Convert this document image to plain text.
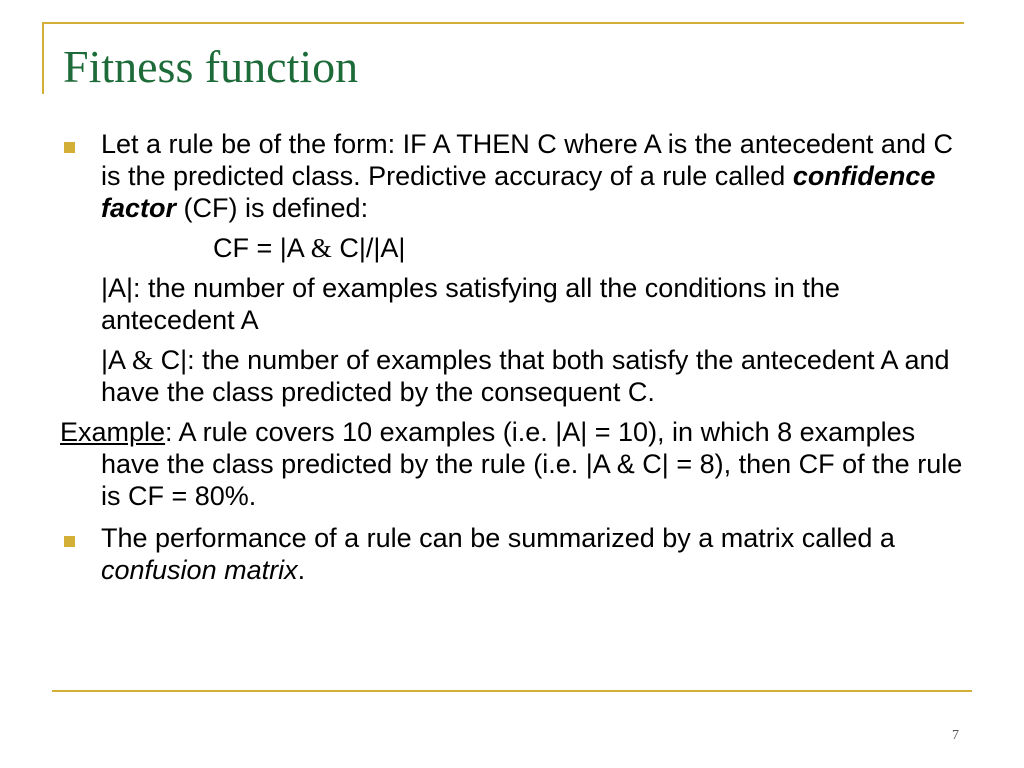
Fitness function

Let a rule be of the form: IF A THEN C where A is the antecedent and C is the predicted class. Predictive accuracy of a rule called confidence factor (CF) is defined:

CF = |A & C|/|A|

|A|: the number of examples satisfying all the conditions in the antecedent A

|A & C|: the number of examples that both satisfy the antecedent A and have the class predicted by the consequent C.

Example: A rule covers 10 examples (i.e. |A| = 10), in which 8 examples have the class predicted by the rule (i.e. |A & C| = 8), then CF of the rule is CF = 80%.

The performance of a rule can be summarized by a matrix called a confusion matrix.

7
